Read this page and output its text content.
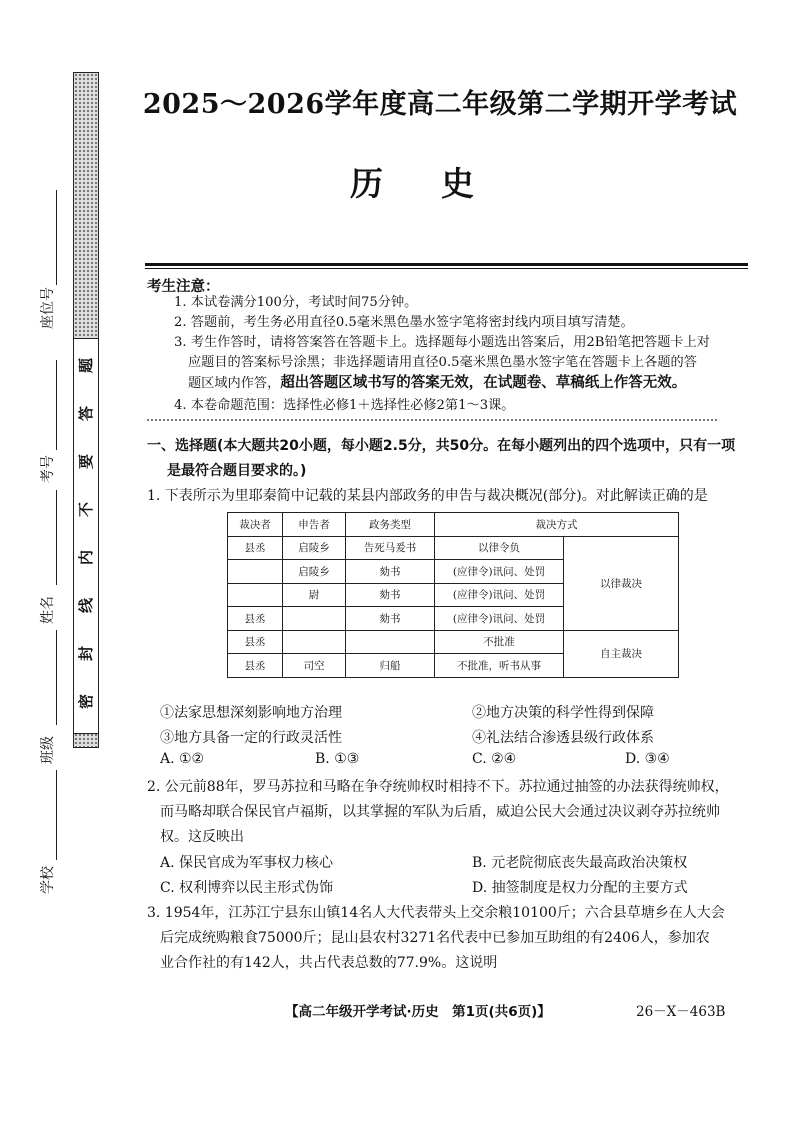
密
封
线
内
不
要
答
题
座位号
考号
姓名
班级
学校
2025～2026学年度高二年级第二学期开学考试
历史
考生注意：
1. 本试卷满分100分，考试时间75分钟。
2. 答题前，考生务必用直径0.5毫米黑色墨水签字笔将密封线内项目填写清楚。
3. 考生作答时，请将答案答在答题卡上。选择题每小题选出答案后，用2B铅笔把答题卡上对
应题目的答案标号涂黑；非选择题请用直径0.5毫米黑色墨水签字笔在答题卡上各题的答
题区域内作答，超出答题区域书写的答案无效，在试题卷、草稿纸上作答无效。
4. 本卷命题范围：选择性必修1＋选择性必修2第1～3课。
一、选择题(本大题共20小题，每小题2.5分，共50分。在每小题列出的四个选项中，只有一项
是最符合题目要求的。)
1. 下表所示为里耶秦简中记载的某县内部政务的申告与裁决概况(部分)。对此解读正确的是
裁决者	申告者	政务类型	裁决方式	
县丞	启陵乡	告死马爰书	以律令负	以律裁决
	启陵乡	劾书	(应律令)讯问、处罚	
	尉	劾书	(应律令)讯问、处罚	
县丞		劾书	(应律令)讯问、处罚	
县丞			不批准	自主裁决
县丞	司空	归船	不批准，听书从事	
①法家思想深刻影响地方治理	②地方决策的科学性得到保障
③地方具备一定的行政灵活性	④礼法结合渗透县级行政体系
A. ①②	B. ①③	C. ②④	D. ③④
2. 公元前88年，罗马苏拉和马略在争夺统帅权时相持不下。苏拉通过抽签的办法获得统帅权，
而马略却联合保民官卢福斯，以其掌握的军队为后盾，威迫公民大会通过决议剥夺苏拉统帅
权。这反映出
A. 保民官成为军事权力核心	B. 元老院彻底丧失最高政治决策权
C. 权利博弈以民主形式伪饰	D. 抽签制度是权力分配的主要方式
3. 1954年，江苏江宁县东山镇14名人大代表带头上交余粮10100斤；六合县草塘乡在人大会
后完成统购粮食75000斤；昆山县农村3271名代表中已参加互助组的有2406人，参加农
业合作社的有142人，共占代表总数的77.9%。这说明
【高二年级开学考试·历史　第1页(共6页)】	26－X－463B
